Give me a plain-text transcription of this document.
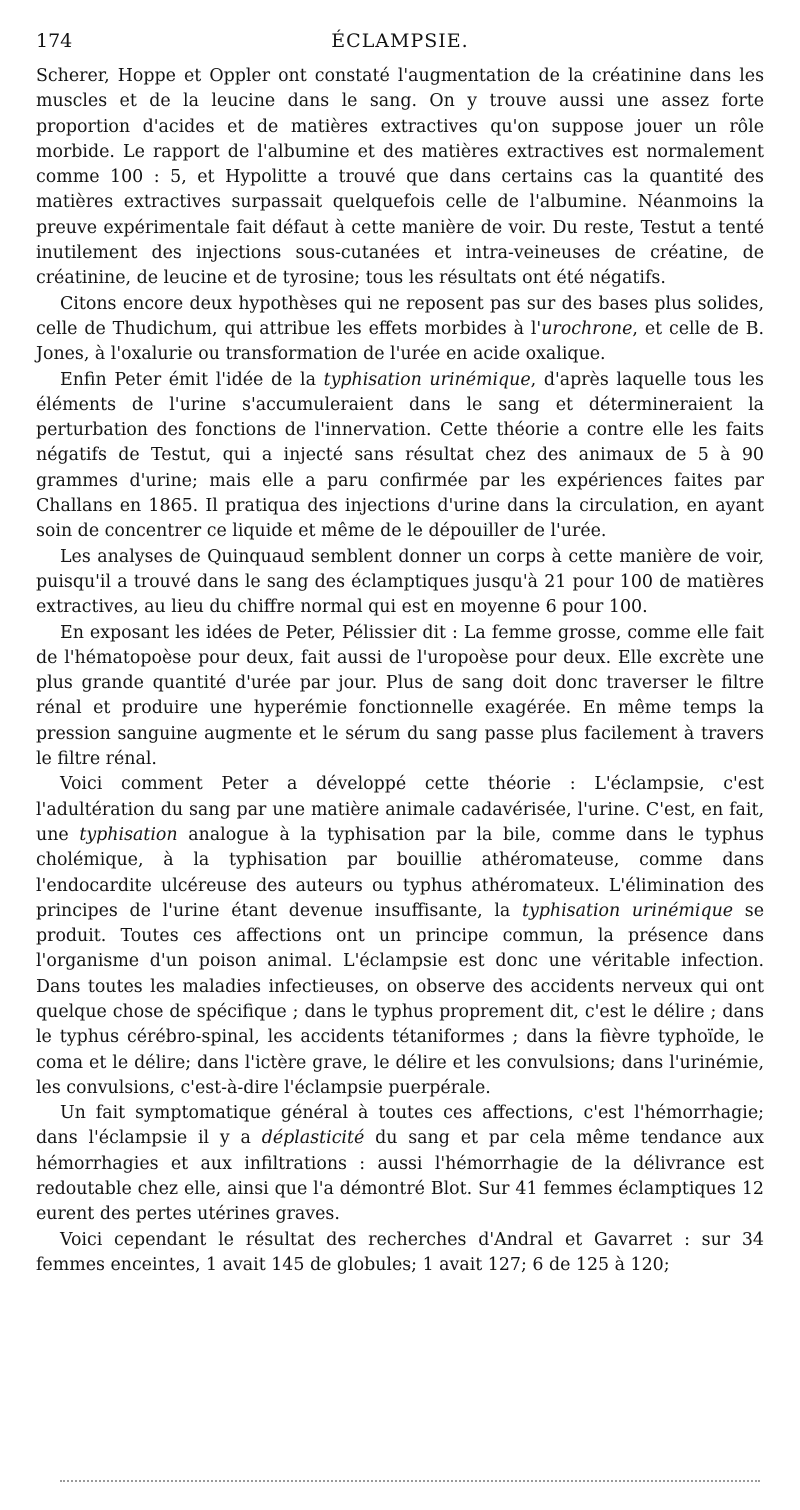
174	ÉCLAMPSIE.

Scherer, Hoppe et Oppler ont constaté l'augmentation de la créatinine dans les muscles et de la leucine dans le sang. On y trouve aussi une assez forte proportion d'acides et de matières extractives qu'on suppose jouer un rôle morbide. Le rapport de l'albumine et des matières extractives est normalement comme 100 : 5, et Hypolitte a trouvé que dans certains cas la quantité des matières extractives surpassait quelquefois celle de l'albumine. Néanmoins la preuve expérimentale fait défaut à cette manière de voir. Du reste, Testut a tenté inutilement des injections sous-cutanées et intra-veineuses de créatine, de créatinine, de leucine et de tyrosine; tous les résultats ont été négatifs.

Citons encore deux hypothèses qui ne reposent pas sur des bases plus solides, celle de Thudichum, qui attribue les effets morbides à l'urochrone, et celle de B. Jones, à l'oxalurie ou transformation de l'urée en acide oxalique.

Enfin Peter émit l'idée de la typhisation urinémique, d'après laquelle tous les éléments de l'urine s'accumuleraient dans le sang et détermineraient la perturbation des fonctions de l'innervation. Cette théorie a contre elle les faits négatifs de Testut, qui a injecté sans résultat chez des animaux de 5 à 90 grammes d'urine; mais elle a paru confirmée par les expériences faites par Challans en 1865. Il pratiqua des injections d'urine dans la circulation, en ayant soin de concentrer ce liquide et même de le dépouiller de l'urée.

Les analyses de Quinquaud semblent donner un corps à cette manière de voir, puisqu'il a trouvé dans le sang des éclamptiques jusqu'à 21 pour 100 de matières extractives, au lieu du chiffre normal qui est en moyenne 6 pour 100.

En exposant les idées de Peter, Pélissier dit : La femme grosse, comme elle fait de l'hématopoèse pour deux, fait aussi de l'uropoèse pour deux. Elle excrète une plus grande quantité d'urée par jour. Plus de sang doit donc traverser le filtre rénal et produire une hyperémie fonctionnelle exagérée. En même temps la pression sanguine augmente et le sérum du sang passe plus facilement à travers le filtre rénal.

Voici comment Peter a développé cette théorie : L'éclampsie, c'est l'adultération du sang par une matière animale cadavérisée, l'urine. C'est, en fait, une typhisation analogue à la typhisation par la bile, comme dans le typhus cholémique, à la typhisation par bouillie athéromateuse, comme dans l'endocardite ulcéreuse des auteurs ou typhus athéromateux. L'élimination des principes de l'urine étant devenue insuffisante, la typhisation urinémique se produit. Toutes ces affections ont un principe commun, la présence dans l'organisme d'un poison animal. L'éclampsie est donc une véritable infection. Dans toutes les maladies infectieuses, on observe des accidents nerveux qui ont quelque chose de spécifique ; dans le typhus proprement dit, c'est le délire ; dans le typhus cérébro-spinal, les accidents tétaniformes ; dans la fièvre typhoïde, le coma et le délire; dans l'ictère grave, le délire et les convulsions; dans l'urinémie, les convulsions, c'est-à-dire l'éclampsie puerpérale.

Un fait symptomatique général à toutes ces affections, c'est l'hémorrhagie; dans l'éclampsie il y a déplasticité du sang et par cela même tendance aux hémorrhagies et aux infiltrations : aussi l'hémorrhagie de la délivrance est redoutable chez elle, ainsi que l'a démontré Blot. Sur 41 femmes éclamptiques 12 eurent des pertes utérines graves.

Voici cependant le résultat des recherches d'Andral et Gavarret : sur 34 femmes enceintes, 1 avait 145 de globules; 1 avait 127; 6 de 125 à 120;
